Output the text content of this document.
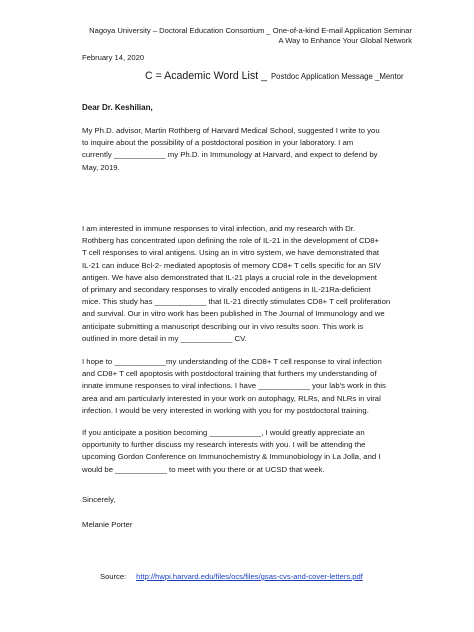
Nagoya University – Doctoral Education Consortium _ One-of-a-kind E-mail Application Seminar
A Way to Enhance Your Global Network
February 14, 2020
C = Academic Word List _ Postdoc Application Message _Mentor
Dear Dr. Keshilian,
My Ph.D. advisor, Martin Rothberg of Harvard Medical School, suggested I write to you
to inquire about the possibility of a postdoctoral position in your laboratory. I am
currently ____________ my Ph.D. in Immunology at Harvard, and expect to defend by
May, 2019.
I am interested in immune responses to viral infection, and my research with Dr.
Rothberg has concentrated upon defining the role of IL-21 in the development of CD8+
T cell responses to viral antigens. Using an in vitro system, we have demonstrated that
IL-21 can induce Bcl-2- mediated apoptosis of memory CD8+ T cells specific for an SIV
antigen. We have also demonstrated that IL-21 plays a crucial role in the development
of primary and secondary responses to virally encoded antigens in IL-21Ra-deficient
mice. This study has ____________ that IL-21 directly stimulates CD8+ T cell proliferation
and survival. Our in vitro work has been published in The Journal of Immunology and we
anticipate submitting a manuscript describing our in vivo results soon. This work is
outlined in more detail in my ____________ CV.
I hope to ____________my understanding of the CD8+ T cell response to viral infection
and CD8+ T cell apoptosis with postdoctoral training that furthers my understanding of
innate immune responses to viral infections. I have ____________ your lab's work in this
area and am particularly interested in your work on autophagy, RLRs, and NLRs in viral
infection. I would be very interested in working with you for my postdoctoral training.
If you anticipate a position becoming ____________, I would greatly appreciate an
opportunity to further discuss my research interests with you. I will be attending the
upcoming Gordon Conference on Immunochemistry & Immunobiology in La Jolla, and I
would be ____________ to meet with you there or at UCSD that week.
Sincerely,
Melanie Porter
Source: http://hwpi.harvard.edu/files/ocs/files/gsas-cvs-and-cover-letters.pdf
